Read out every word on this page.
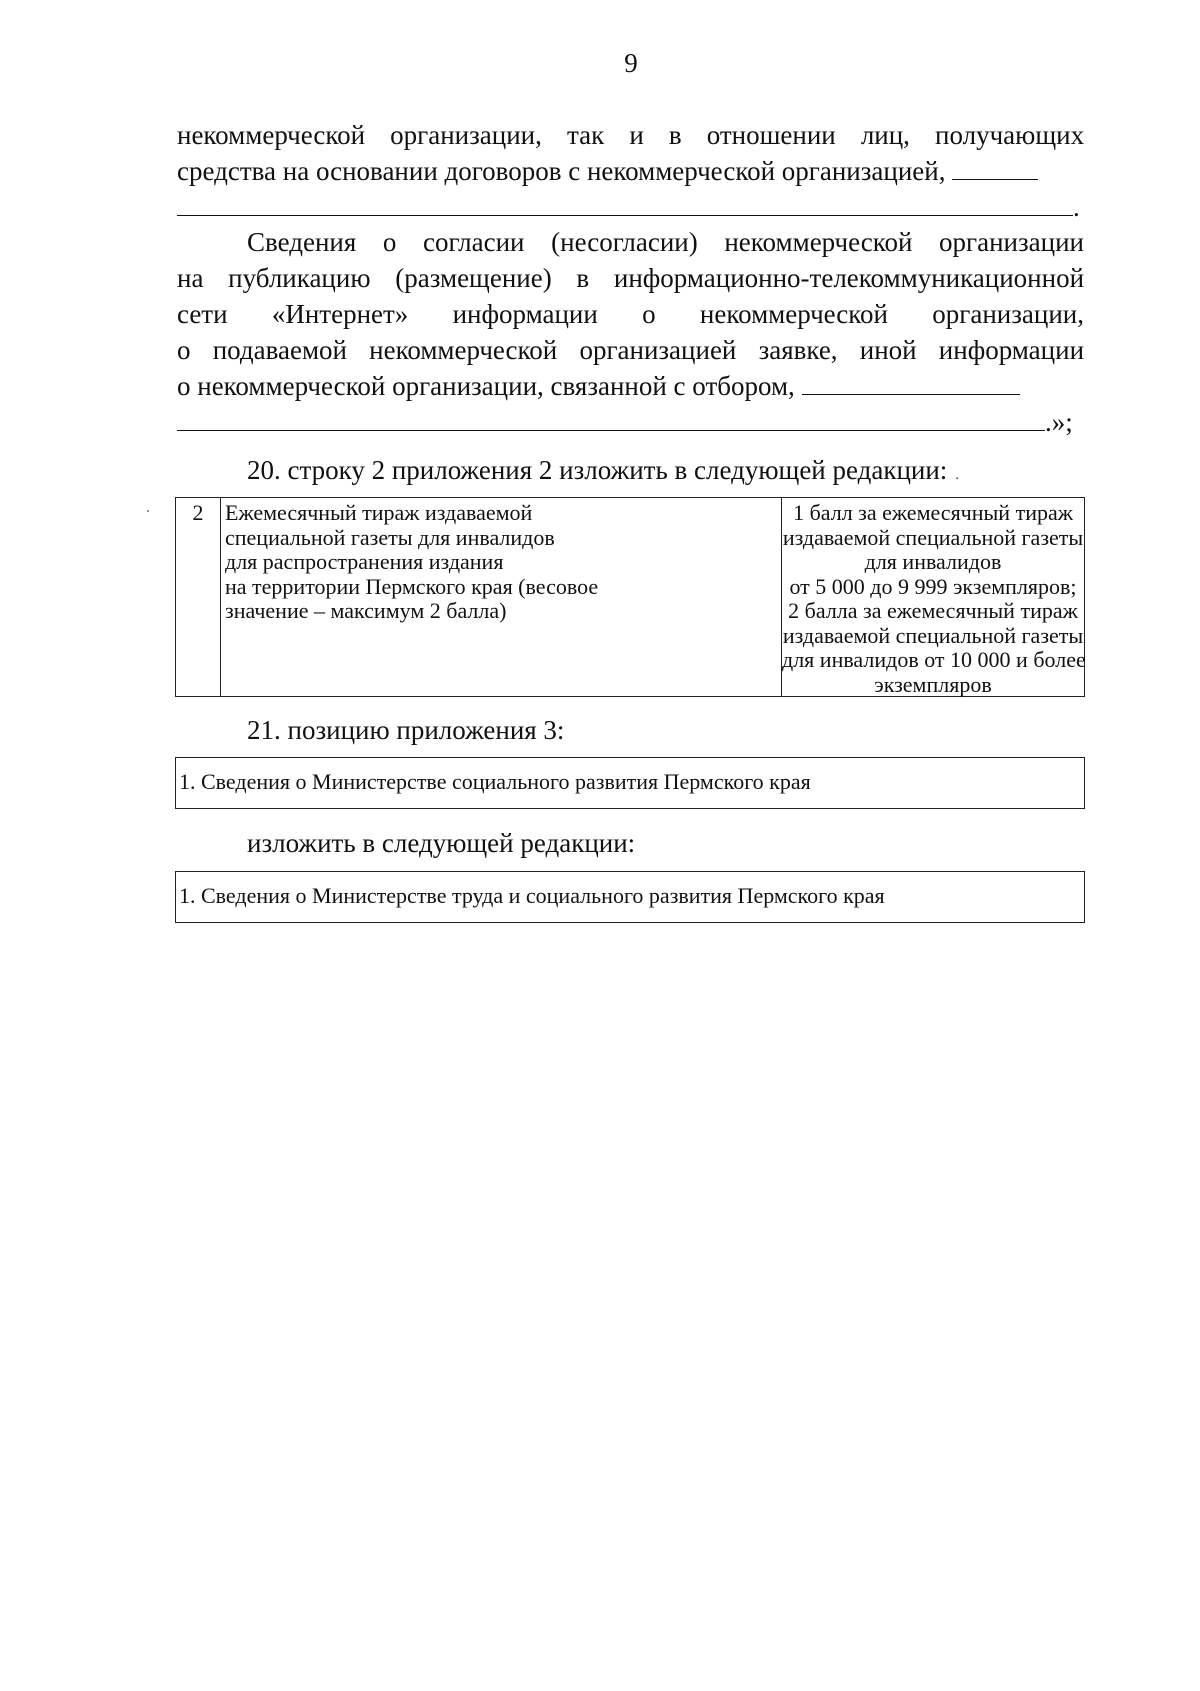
9
некоммерческой организации, так и в отношении лиц, получающих
средства на основании договоров с некоммерческой организацией,
.
Сведения о согласии (несогласии) некоммерческой организации
на публикацию (размещение) в информационно-телекоммуникационной
сети «Интернет» информации о некоммерческой организации,
о подаваемой некоммерческой организацией заявке, иной информации
о некоммерческой организации, связанной с отбором,
.»;
20. строку 2 приложения 2 изложить в следующей редакции: .
2 Ежемесячный тираж издаваемой
специальной газеты для инвалидов
для распространения издания
на территории Пермского края (весовое
значение – максимум 2 балла)
1 балл за ежемесячный тираж
издаваемой специальной газеты
для инвалидов
от 5 000 до 9 999 экземпляров;
2 балла за ежемесячный тираж
издаваемой специальной газеты
для инвалидов от 10 000 и более
экземпляров
21. позицию приложения 3:
1. Сведения о Министерстве социального развития Пермского края
изложить в следующей редакции:
1. Сведения о Министерстве труда и социального развития Пермского края
